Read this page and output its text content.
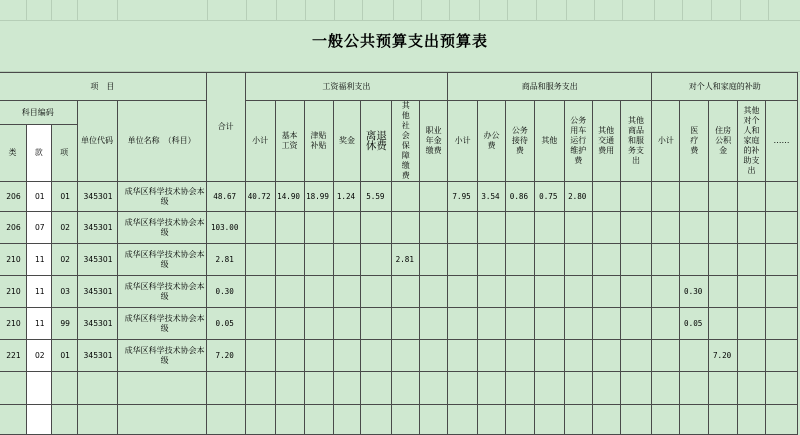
一般公共预算支出预算表
项　目					合计	工资福利支出							商品和服务支出							对个人和家庭的补助				
科目编码			单位代码	单位名称　（科目）		小计	基本工资	津贴补贴	奖金	离退休费	其他社会保障缴费	职业年金缴费	小计	办公费	公务接待费	其他	公务用车运行维护费	其他交通费用	其他商品和服务支出	小计	医疗费	住房公积金	其他对个人和家庭的补助支出	……
类	款	项																						
206	01	01	345301	成华区科学技术协会本级	48.67	40.72	14.90	18.99	1.24	5.59			7.95	3.54	0.86	0.75	2.80							
206	07	02	345301	成华区科学技术协会本级	103.00																			
210	11	02	345301	成华区科学技术协会本级	2.81						2.81													
210	11	03	345301	成华区科学技术协会本级	0.30																0.30			
210	11	99	345301	成华区科学技术协会本级	0.05																0.05			
221	02	01	345301	成华区科学技术协会本级	7.20																	7.20		
